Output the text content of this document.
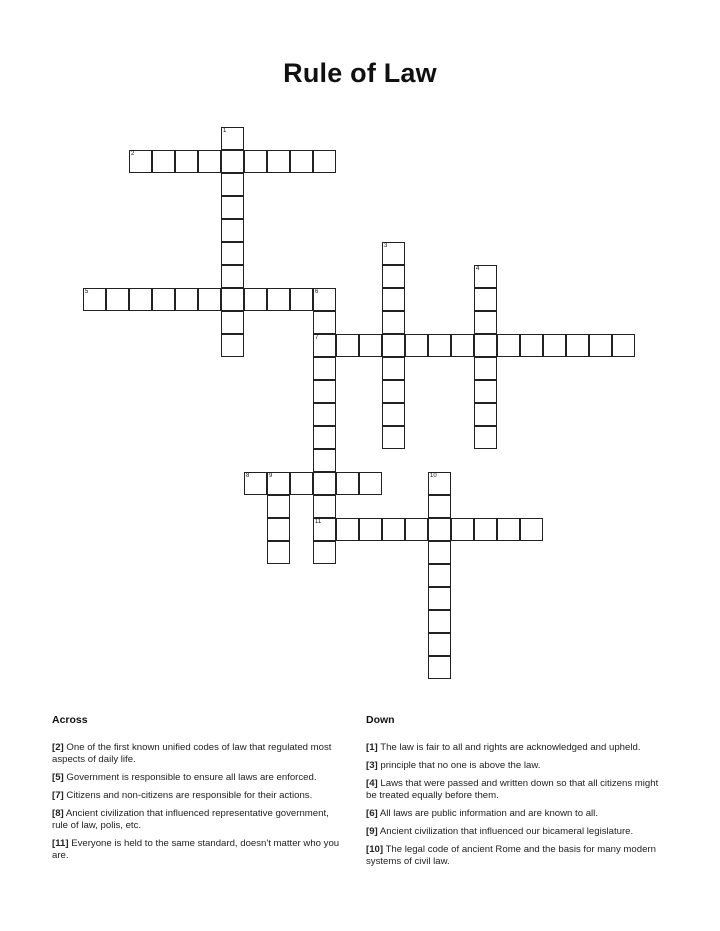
Rule of Law
2
5	6
7
8	9
11
1
3
4
10
Across
[2] One of the first known unified codes of law that regulated most aspects of daily life.
[5] Government is responsible to ensure all laws are enforced.
[7] Citizens and non-citizens are responsible for their actions.
[8] Ancient civilization that influenced representative government, rule of law, polis, etc.
[11] Everyone is held to the same standard, doesn't matter who you are.
Down
[1] The law is fair to all and rights are acknowledged and upheld.
[3] principle that no one is above the law.
[4] Laws that were passed and written down so that all citizens might be treated equally before them.
[6] All laws are public information and are known to all.
[9] Ancient civilization that influenced our bicameral legislature.
[10] The legal code of ancient Rome and the basis for many modern systems of civil law.
